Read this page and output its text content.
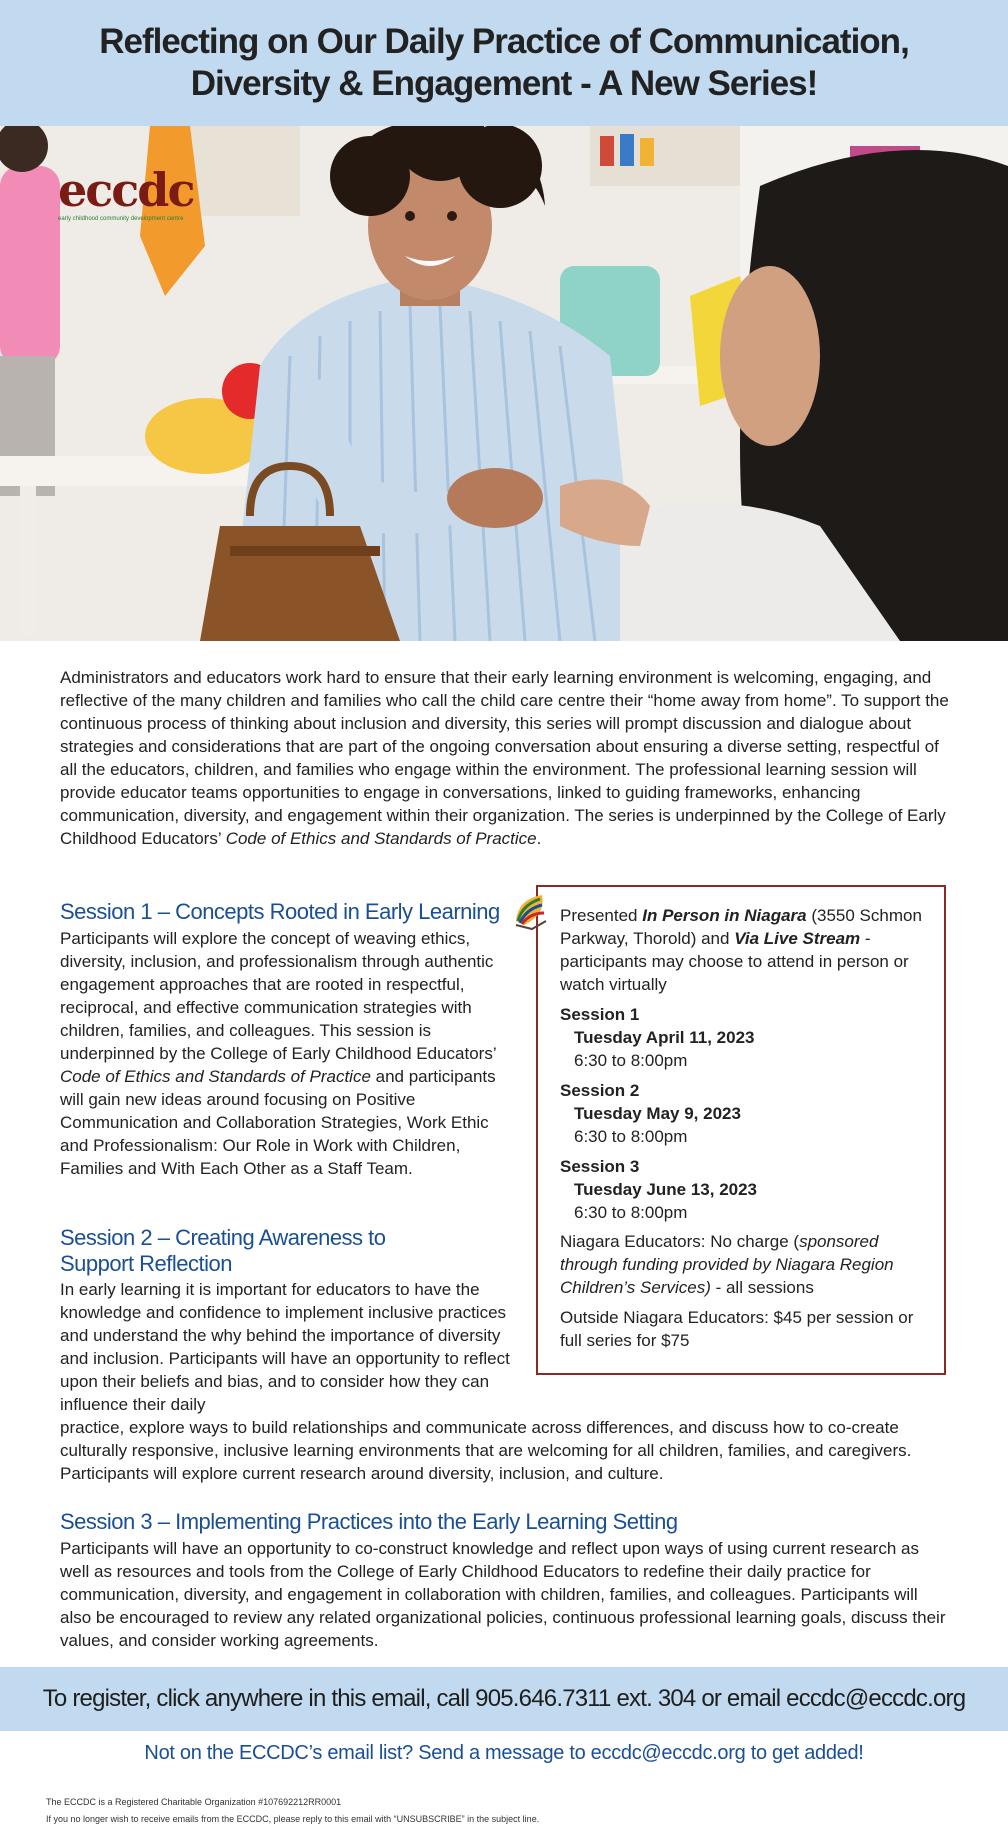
Reflecting on Our Daily Practice of Communication,
Diversity & Engagement - A New Series!
eccdc
early childhood community development centre

Administrators and educators work hard to ensure that their early learning environment is welcoming, engaging, and reflective of the many children and families who call the child care centre their “home away from home”. To support the continuous process of thinking about inclusion and diversity, this series will prompt discussion and dialogue about strategies and considerations that are part of the ongoing conversation about ensuring a diverse setting, respectful of all the educators, children, and families who engage within the environment. The professional learning session will provide educator teams opportunities to engage in conversations, linked to guiding frameworks, enhancing communication, diversity, and engagement within their organization. The series is underpinned by the College of Early Childhood Educators’ Code of Ethics and Standards of Practice.

Session 1 – Concepts Rooted in Early Learning

Participants will explore the concept of weaving ethics, diversity, inclusion, and professionalism through authentic engagement approaches that are rooted in respectful, reciprocal, and effective communication strategies with children, families, and colleagues. This session is underpinned by the College of Early Childhood Educators’ Code of Ethics and Standards of Practice and participants will gain new ideas around focusing on Positive Communication and Collaboration Strategies, Work Ethic and Professionalism: Our Role in Work with Children, Families and With Each Other as a Staff Team.

Session 2 – Creating Awareness to
Support Reflection

In early learning it is important for educators to have the knowledge and confidence to implement inclusive practices and understand the why behind the importance of diversity and inclusion. Participants will have an opportunity to reflect upon their beliefs and bias, and to consider how they can influence their daily

practice, explore ways to build relationships and communicate across differences, and discuss how to co-create culturally responsive, inclusive learning environments that are welcoming for all children, families, and caregivers. Participants will explore current research around diversity, inclusion, and culture.

Session 3 – Implementing Practices into the Early Learning Setting

Participants will have an opportunity to co-construct knowledge and reflect upon ways of using current research as well as resources and tools from the College of Early Childhood Educators to redefine their daily practice for communication, diversity, and engagement in collaboration with children, families, and colleagues. Participants will also be encouraged to review any related organizational policies, continuous professional learning goals, discuss their values, and consider working agreements.

Presented In Person in Niagara (3550 Schmon Parkway, Thorold) and Via Live Stream - participants may choose to attend in person or watch virtually

Session 1
Tuesday April 11, 2023
6:30 to 8:00pm
Session 2
Tuesday May 9, 2023
6:30 to 8:00pm
Session 3
Tuesday June 13, 2023
6:30 to 8:00pm

Niagara Educators: No charge (sponsored through funding provided by Niagara Region Children’s Services) - all sessions

Outside Niagara Educators: $45 per session or full series for $75

To register, click anywhere in this email, call 905.646.7311 ext. 304 or email eccdc@eccdc.org
Not on the ECCDC’s email list? Send a message to eccdc@eccdc.org to get added!
The ECCDC is a Registered Charitable Organization #107692212RR0001
If you no longer wish to receive emails from the ECCDC, please reply to this email with “UNSUBSCRIBE” in the subject line.
